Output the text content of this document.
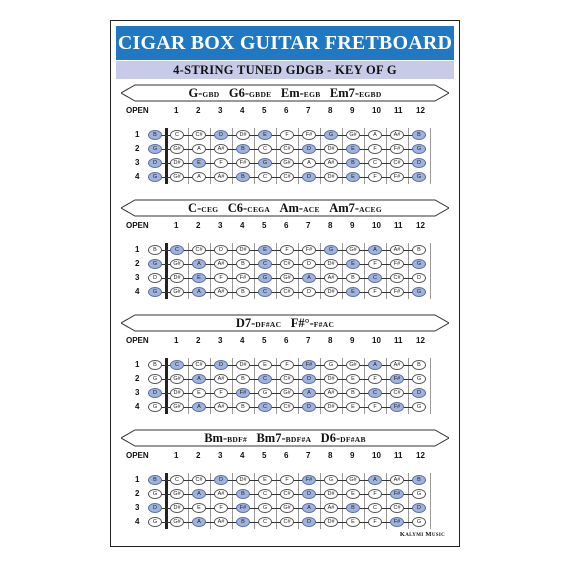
CIGAR BOX GUITAR FRETBOARD
4-STRING TUNED GDGB - KEY OF G
G-GBD G6-GBDE Em-EGB Em7-EGBD
OPEN	1 2 3 4 5 6 7 8 9 10 11 12
1	B	C	C#	D	D#	E	F	F#	G	G#	A	A#	B
2	G	G#	A	A#	B	C	C#	D	D#	E	F	F#	G
3	D	D#	E	F	F#	G	G#	A	A#	B	C	C#	D
4	G	G#	A	A#	B	C	C#	D	D#	E	F	F#	G
C-CEG C6-CEGA Am-ACE Am7-ACEG
OPEN	1 2 3 4 5 6 7 8 9 10 11 12
1	B	C	C#	D	D#	E	F	F#	G	G#	A	A#	B
2	G	G#	A	A#	B	C	C#	D	D#	E	F	F#	G
3	D	D#	E	F	F#	G	G#	A	A#	B	C	C#	D
4	G	G#	A	A#	B	C	C#	D	D#	E	F	F#	G
D7-DF#AC F#°-F#AC
OPEN	1 2 3 4 5 6 7 8 9 10 11 12
1	B	C	C#	D	D#	E	F	F#	G	G#	A	A#	B
2	G	G#	A	A#	B	C	C#	D	D#	E	F	F#	G
3	D	D#	E	F	F#	G	G#	A	A#	B	C	C#	D
4	G	G#	A	A#	B	C	C#	D	D#	E	F	F#	G
Bm-BDF# Bm7-BDF#A D6-DF#AB
OPEN	1 2 3 4 5 6 7 8 9 10 11 12
1	B	C	C#	D	D#	E	F	F#	G	G#	A	A#	B
2	G	G#	A	A#	B	C	C#	D	D#	E	F	F#	G
3	D	D#	E	F	F#	G	G#	A	A#	B	C	C#	D
4	G	G#	A	A#	B	C	C#	D	D#	E	F	F#	G
Kalymi Music
